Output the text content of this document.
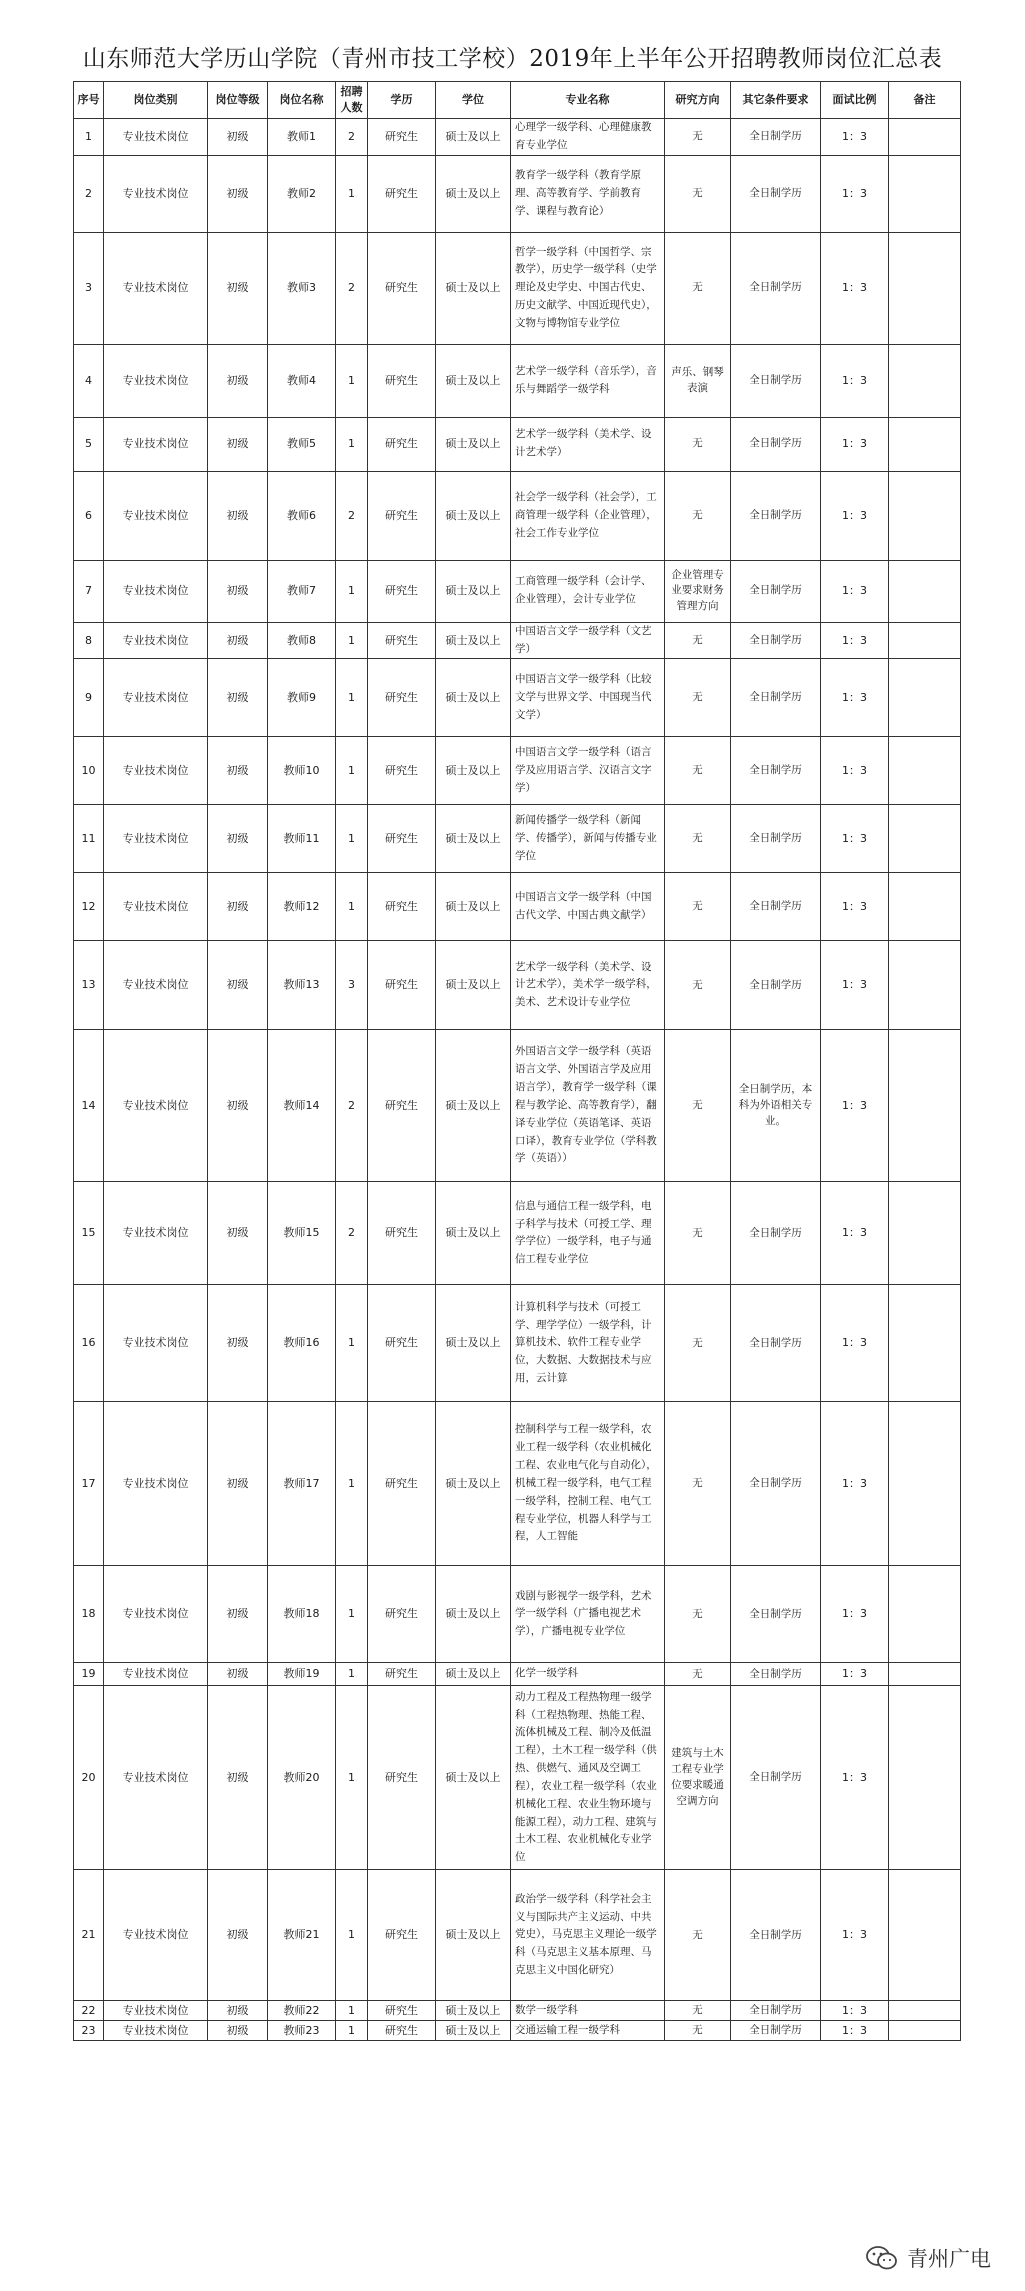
山东师范大学历山学院（青州市技工学校）2019年上半年公开招聘教师岗位汇总表
序号	岗位类别	岗位等级	岗位名称	招聘人数	学历	学位	专业名称	研究方向	其它条件要求	面试比例	备注
1	专业技术岗位	初级	教师1	2	研究生	硕士及以上	心理学一级学科、心理健康教育专业学位	无	全日制学历	1：3	
2	专业技术岗位	初级	教师2	1	研究生	硕士及以上	教育学一级学科（教育学原理、高等教育学、学前教育学、课程与教育论）	无	全日制学历	1：3	
3	专业技术岗位	初级	教师3	2	研究生	硕士及以上	哲学一级学科（中国哲学、宗教学），历史学一级学科（史学理论及史学史、中国古代史、历史文献学、中国近现代史），文物与博物馆专业学位	无	全日制学历	1：3	
4	专业技术岗位	初级	教师4	1	研究生	硕士及以上	艺术学一级学科（音乐学），音乐与舞蹈学一级学科	声乐、钢琴表演	全日制学历	1：3	
5	专业技术岗位	初级	教师5	1	研究生	硕士及以上	艺术学一级学科（美术学、设计艺术学）	无	全日制学历	1：3	
6	专业技术岗位	初级	教师6	2	研究生	硕士及以上	社会学一级学科（社会学），工商管理一级学科（企业管理），社会工作专业学位	无	全日制学历	1：3	
7	专业技术岗位	初级	教师7	1	研究生	硕士及以上	工商管理一级学科（会计学、企业管理），会计专业学位	企业管理专业要求财务管理方向	全日制学历	1：3	
8	专业技术岗位	初级	教师8	1	研究生	硕士及以上	中国语言文学一级学科（文艺学）	无	全日制学历	1：3	
9	专业技术岗位	初级	教师9	1	研究生	硕士及以上	中国语言文学一级学科（比较文学与世界文学、中国现当代文学）	无	全日制学历	1：3	
10	专业技术岗位	初级	教师10	1	研究生	硕士及以上	中国语言文学一级学科（语言学及应用语言学、汉语言文字学）	无	全日制学历	1：3	
11	专业技术岗位	初级	教师11	1	研究生	硕士及以上	新闻传播学一级学科（新闻学、传播学），新闻与传播专业学位	无	全日制学历	1：3	
12	专业技术岗位	初级	教师12	1	研究生	硕士及以上	中国语言文学一级学科（中国古代文学、中国古典文献学）	无	全日制学历	1：3	
13	专业技术岗位	初级	教师13	3	研究生	硕士及以上	艺术学一级学科（美术学、设计艺术学），美术学一级学科，美术、艺术设计专业学位	无	全日制学历	1：3	
14	专业技术岗位	初级	教师14	2	研究生	硕士及以上	外国语言文学一级学科（英语语言文学、外国语言学及应用语言学），教育学一级学科（课程与教学论、高等教育学），翻译专业学位（英语笔译、英语口译），教育专业学位（学科教学（英语））	无	全日制学历，本科为外语相关专业。	1：3	
15	专业技术岗位	初级	教师15	2	研究生	硕士及以上	信息与通信工程一级学科，电子科学与技术（可授工学、理学学位）一级学科，电子与通信工程专业学位	无	全日制学历	1：3	
16	专业技术岗位	初级	教师16	1	研究生	硕士及以上	计算机科学与技术（可授工学、理学学位）一级学科，计算机技术、软件工程专业学位，大数据、大数据技术与应用，云计算	无	全日制学历	1：3	
17	专业技术岗位	初级	教师17	1	研究生	硕士及以上	控制科学与工程一级学科，农业工程一级学科（农业机械化工程、农业电气化与自动化），机械工程一级学科，电气工程一级学科，控制工程、电气工程专业学位，机器人科学与工程，人工智能	无	全日制学历	1：3	
18	专业技术岗位	初级	教师18	1	研究生	硕士及以上	戏剧与影视学一级学科，艺术学一级学科（广播电视艺术学），广播电视专业学位	无	全日制学历	1：3	
19	专业技术岗位	初级	教师19	1	研究生	硕士及以上	化学一级学科	无	全日制学历	1：3	
20	专业技术岗位	初级	教师20	1	研究生	硕士及以上	动力工程及工程热物理一级学科（工程热物理、热能工程、流体机械及工程、制冷及低温工程），土木工程一级学科（供热、供燃气、通风及空调工程），农业工程一级学科（农业机械化工程、农业生物环境与能源工程），动力工程、建筑与土木工程、农业机械化专业学位	建筑与土木工程专业学位要求暖通空调方向	全日制学历	1：3	
21	专业技术岗位	初级	教师21	1	研究生	硕士及以上	政治学一级学科（科学社会主义与国际共产主义运动、中共党史），马克思主义理论一级学科（马克思主义基本原理、马克思主义中国化研究）	无	全日制学历	1：3	
22	专业技术岗位	初级	教师22	1	研究生	硕士及以上	数学一级学科	无	全日制学历	1：3	
23	专业技术岗位	初级	教师23	1	研究生	硕士及以上	交通运输工程一级学科	无	全日制学历	1：3	
青州广电
